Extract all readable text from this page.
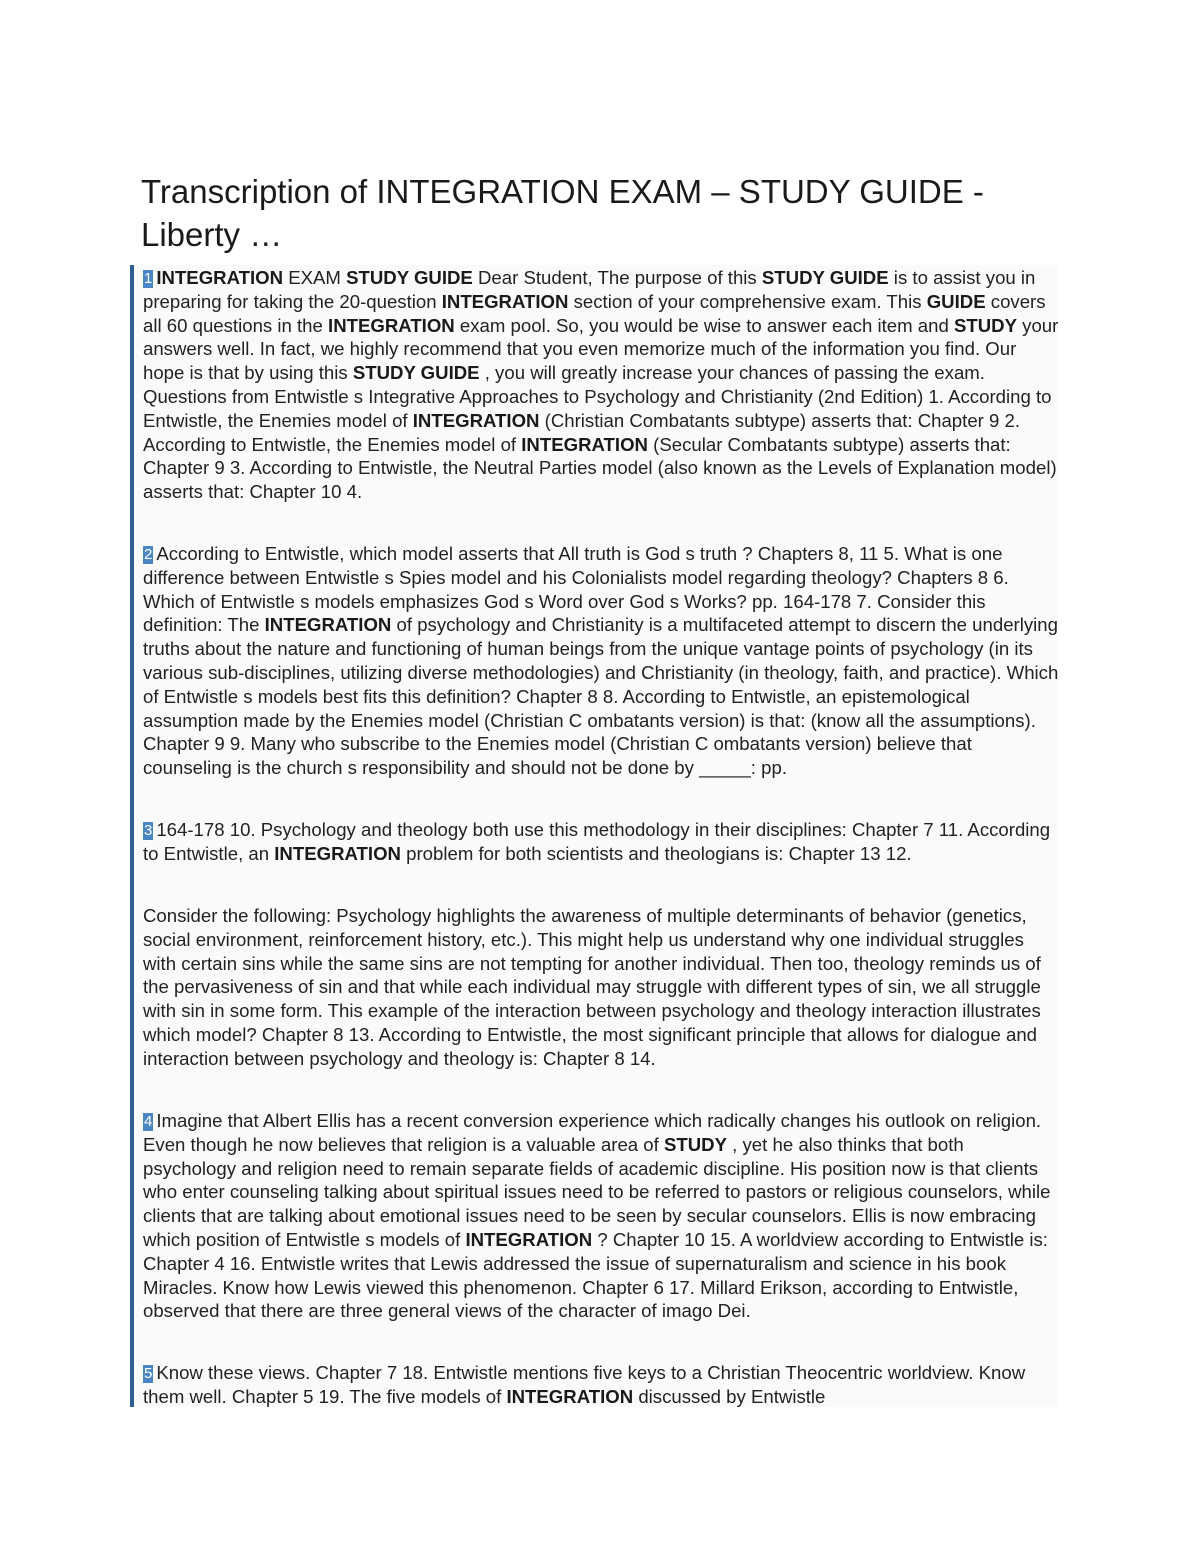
Transcription of INTEGRATION EXAM – STUDY GUIDE - Liberty …

1 INTEGRATION EXAM STUDY GUIDE Dear Student, The purpose of this STUDY GUIDE is to assist you in preparing for taking the 20-question INTEGRATION section of your comprehensive exam. This GUIDE covers all 60 questions in the INTEGRATION exam pool. So, you would be wise to answer each item and STUDY your answers well. In fact, we highly recommend that you even memorize much of the information you find. Our hope is that by using this STUDY GUIDE , you will greatly increase your chances of passing the exam. Questions from Entwistle s Integrative Approaches to Psychology and Christianity (2nd Edition) 1. According to Entwistle, the Enemies model of INTEGRATION (Christian Combatants subtype) asserts that: Chapter 9 2. According to Entwistle, the Enemies model of INTEGRATION (Secular Combatants subtype) asserts that: Chapter 9 3. According to Entwistle, the Neutral Parties model (also known as the Levels of Explanation model) asserts that: Chapter 10 4.

2 According to Entwistle, which model asserts that All truth is God s truth ? Chapters 8, 11 5. What is one difference between Entwistle s Spies model and his Colonialists model regarding theology? Chapters 8 6. Which of Entwistle s models emphasizes God s Word over God s Works? pp. 164-178 7. Consider this definition: The INTEGRATION of psychology and Christianity is a multifaceted attempt to discern the underlying truths about the nature and functioning of human beings from the unique vantage points of psychology (in its various sub-disciplines, utilizing diverse methodologies) and Christianity (in theology, faith, and practice). Which of Entwistle s models best fits this definition? Chapter 8 8. According to Entwistle, an epistemological assumption made by the Enemies model (Christian C ombatants version) is that: (know all the assumptions). Chapter 9 9. Many who subscribe to the Enemies model (Christian C ombatants version) believe that counseling is the church s responsibility and should not be done by _____: pp.

3 164-178 10. Psychology and theology both use this methodology in their disciplines: Chapter 7 11. According to Entwistle, an INTEGRATION problem for both scientists and theologians is: Chapter 13 12.

Consider the following: Psychology highlights the awareness of multiple determinants of behavior (genetics, social environment, reinforcement history, etc.). This might help us understand why one individual struggles with certain sins while the same sins are not tempting for another individual. Then too, theology reminds us of the pervasiveness of sin and that while each individual may struggle with different types of sin, we all struggle with sin in some form. This example of the interaction between psychology and theology interaction illustrates which model? Chapter 8 13. According to Entwistle, the most significant principle that allows for dialogue and interaction between psychology and theology is: Chapter 8 14.

4 Imagine that Albert Ellis has a recent conversion experience which radically changes his outlook on religion. Even though he now believes that religion is a valuable area of STUDY , yet he also thinks that both psychology and religion need to remain separate fields of academic discipline. His position now is that clients who enter counseling talking about spiritual issues need to be referred to pastors or religious counselors, while clients that are talking about emotional issues need to be seen by secular counselors. Ellis is now embracing which position of Entwistle s models of INTEGRATION ? Chapter 10 15. A worldview according to Entwistle is: Chapter 4 16. Entwistle writes that Lewis addressed the issue of supernaturalism and science in his book Miracles. Know how Lewis viewed this phenomenon. Chapter 6 17. Millard Erikson, according to Entwistle, observed that there are three general views of the character of imago Dei.

5 Know these views. Chapter 7 18. Entwistle mentions five keys to a Christian Theocentric worldview. Know them well. Chapter 5 19. The five models of INTEGRATION discussed by Entwistle
